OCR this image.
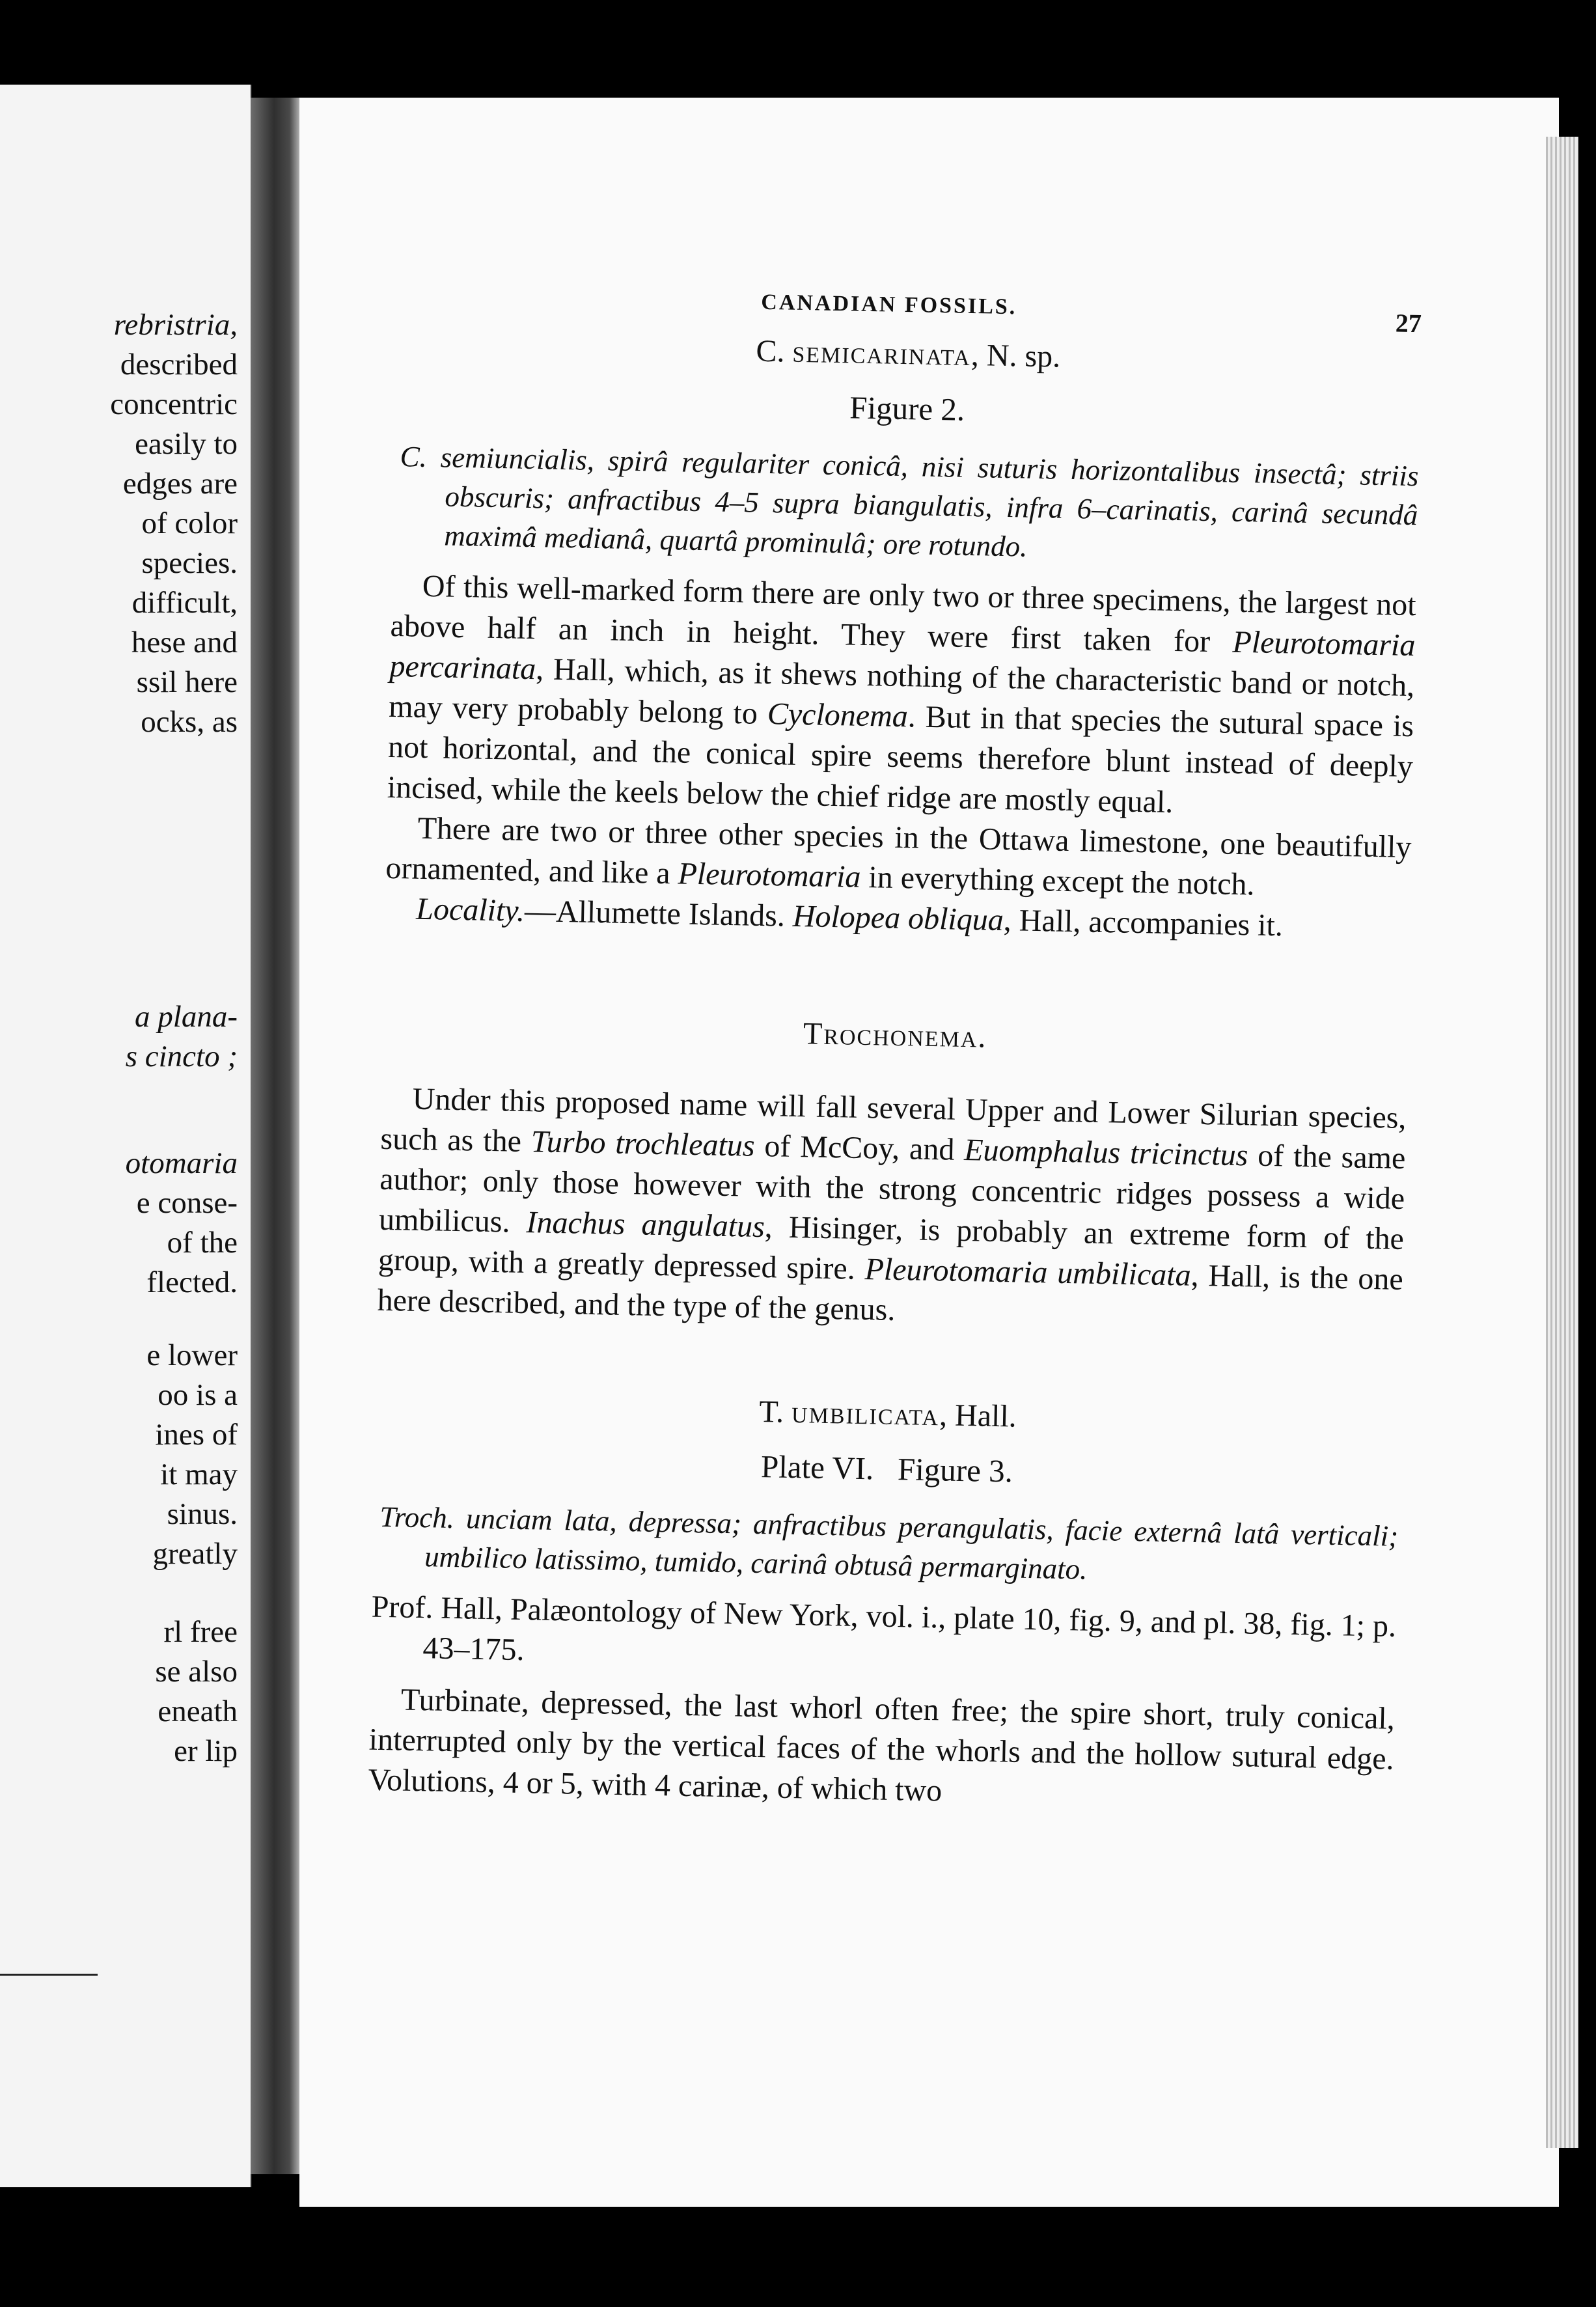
rebristria,

described

concentric

easily to

edges are

of color

species.

difficult,

hese and

ssil here

ocks, as

a plana-

s cincto ;

otomaria

e conse-

of the

flected.

e lower

oo is a

ines of

it may

sinus.

greatly

rl free

se also

eneath

er lip

CANADIAN FOSSILS.
27
C. semicarinata, N. sp.
Figure 2.

C. semiuncialis, spirâ regulariter conicâ, nisi suturis horizontalibus insectâ; striis obscuris; anfractibus 4–5 supra biangulatis, infra 6–carinatis, carinâ secundâ maximâ medianâ, quartâ prominulâ; ore rotundo.

Of this well-marked form there are only two or three specimens, the largest not above half an inch in height. They were first taken for Pleurotomaria percarinata, Hall, which, as it shews nothing of the characteristic band or notch, may very probably belong to Cyclonema. But in that species the sutural space is not horizontal, and the conical spire seems therefore blunt instead of deeply incised, while the keels below the chief ridge are mostly equal.

There are two or three other species in the Ottawa limestone, one beautifully ornamented, and like a Pleurotomaria in everything except the notch.

Locality.—Allumette Islands. Holopea obliqua, Hall, accompanies it.

Trochonema.

Under this proposed name will fall several Upper and Lower Silurian species, such as the Turbo trochleatus of McCoy, and Euomphalus tricinctus of the same author; only those however with the strong concentric ridges possess a wide umbilicus. Inachus angulatus, Hisinger, is probably an extreme form of the group, with a greatly depressed spire. Pleurotomaria umbilicata, Hall, is the one here described, and the type of the genus.

T. umbilicata, Hall.
Plate VI.   Figure 3.

Troch. unciam lata, depressa; anfractibus perangulatis, facie externâ latâ verticali; umbilico latissimo, tumido, carinâ obtusâ permarginato.

Prof. Hall, Palæontology of New York, vol. i., plate 10, fig. 9, and pl. 38, fig. 1; p. 43–175.

Turbinate, depressed, the last whorl often free; the spire short, truly conical, interrupted only by the vertical faces of the whorls and the hollow sutural edge. Volutions, 4 or 5, with 4 carinæ, of which two
